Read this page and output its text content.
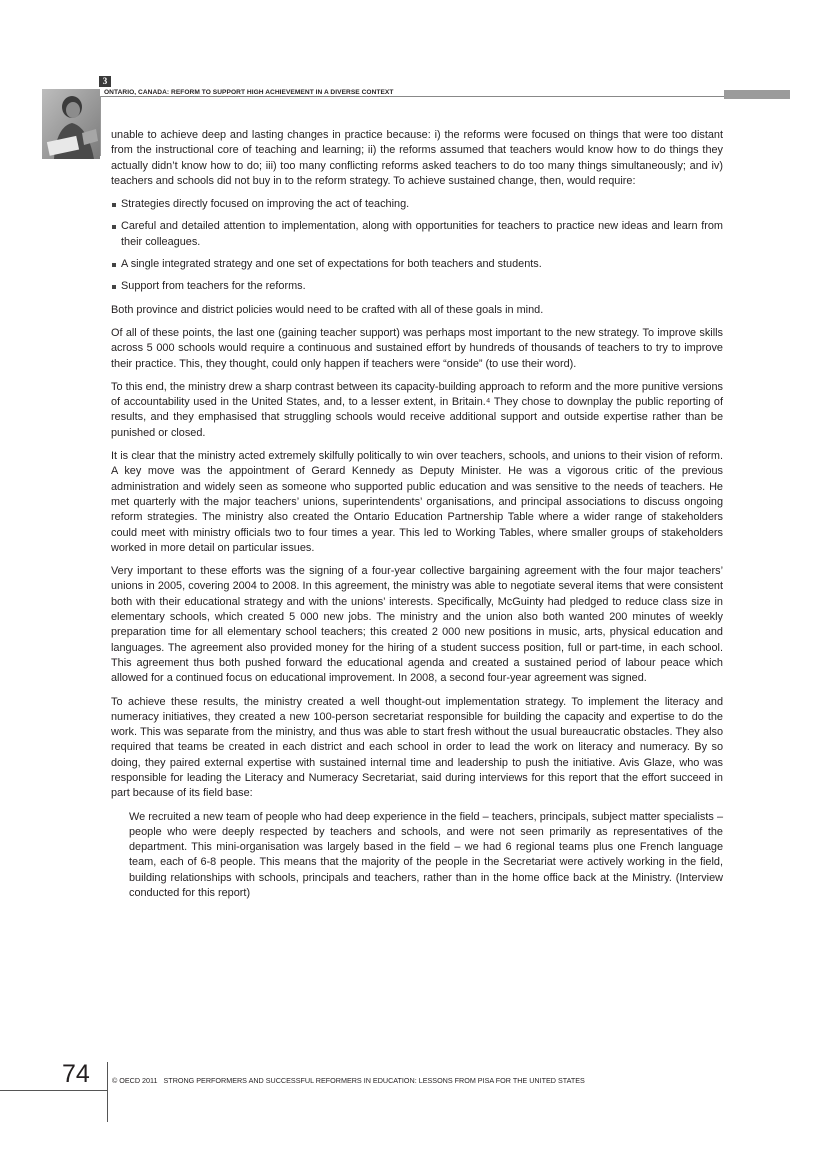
3
ONTARIO, CANADA: REFORM TO SUPPORT HIGH ACHIEVEMENT IN A DIVERSE CONTEXT

unable to achieve deep and lasting changes in practice because: i) the reforms were focused on things that were too distant from the instructional core of teaching and learning; ii) the reforms assumed that teachers would know how to do things they actually didn’t know how to do; iii) too many conflicting reforms asked teachers to do too many things simultaneously; and iv) teachers and schools did not buy in to the reform strategy. To achieve sustained change, then, would require:

Strategies directly focused on improving the act of teaching.
Careful and detailed attention to implementation, along with opportunities for teachers to practice new ideas and learn from their colleagues.
A single integrated strategy and one set of expectations for both teachers and students.
Support from teachers for the reforms.

Both province and district policies would need to be crafted with all of these goals in mind.

Of all of these points, the last one (gaining teacher support) was perhaps most important to the new strategy. To improve skills across 5 000 schools would require a continuous and sustained effort by hundreds of thousands of teachers to try to improve their practice. This, they thought, could only happen if teachers were “onside” (to use their word).

To this end, the ministry drew a sharp contrast between its capacity-building approach to reform and the more punitive versions of accountability used in the United States, and, to a lesser extent, in Britain.⁴ They chose to downplay the public reporting of results, and they emphasised that struggling schools would receive additional support and outside expertise rather than be punished or closed.

It is clear that the ministry acted extremely skilfully politically to win over teachers, schools, and unions to their vision of reform. A key move was the appointment of Gerard Kennedy as Deputy Minister. He was a vigorous critic of the previous administration and widely seen as someone who supported public education and was sensitive to the needs of teachers. He met quarterly with the major teachers’ unions, superintendents’ organisations, and principal associations to discuss ongoing reform strategies. The ministry also created the Ontario Education Partnership Table where a wider range of stakeholders could meet with ministry officials two to four times a year. This led to Working Tables, where smaller groups of stakeholders worked in more detail on particular issues.

Very important to these efforts was the signing of a four-year collective bargaining agreement with the four major teachers’ unions in 2005, covering 2004 to 2008. In this agreement, the ministry was able to negotiate several items that were consistent both with their educational strategy and with the unions’ interests. Specifically, McGuinty had pledged to reduce class size in elementary schools, which created 5 000 new jobs. The ministry and the union also both wanted 200 minutes of weekly preparation time for all elementary school teachers; this created 2 000 new positions in music, arts, physical education and languages. The agreement also provided money for the hiring of a student success position, full or part-time, in each school. This agreement thus both pushed forward the educational agenda and created a sustained period of labour peace which allowed for a continued focus on educational improvement. In 2008, a second four-year agreement was signed.

To achieve these results, the ministry created a well thought-out implementation strategy. To implement the literacy and numeracy initiatives, they created a new 100-person secretariat responsible for building the capacity and expertise to do the work. This was separate from the ministry, and thus was able to start fresh without the usual bureaucratic obstacles. They also required that teams be created in each district and each school in order to lead the work on literacy and numeracy. By so doing, they paired external expertise with sustained internal time and leadership to push the initiative. Avis Glaze, who was responsible for leading the Literacy and Numeracy Secretariat, said during interviews for this report that the effort succeed in part because of its field base:

We recruited a new team of people who had deep experience in the field – teachers, principals, subject matter specialists – people who were deeply respected by teachers and schools, and were not seen primarily as representatives of the department. This mini-organisation was largely based in the field – we had 6 regional teams plus one French language team, each of 6-8 people. This means that the majority of the people in the Secretariat were actively working in the field, building relationships with schools, principals and teachers, rather than in the home office back at the Ministry. (Interview conducted for this report)
74	© OECD 2011 STRONG PERFORMERS AND SUCCESSFUL REFORMERS IN EDUCATION: LESSONS FROM PISA FOR THE UNITED STATES
